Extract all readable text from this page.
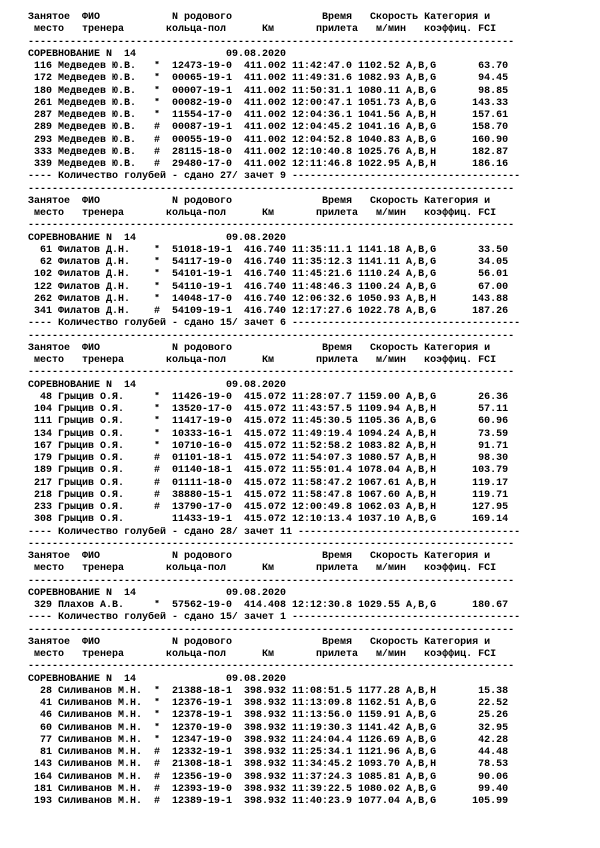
Занятое  ФИО            N родового               Время   Скорость Категория и
место   тренера       кольца-пол      Км       прилета   м/мин   коэффиц. FCI
---------------------------------------------------------------------------------
СОРЕВНОВАНИЕ N  14               09.08.2020
116 Медведев Ю.В.   *  12473-19-0  411.002 11:42:47.0 1102.52 A,B,G       63.70
172 Медведев Ю.В.   *  00065-19-1  411.002 11:49:31.6 1082.93 A,B,G       94.45
180 Медведев Ю.В.   *  00007-19-1  411.002 11:50:31.1 1080.11 A,B,G       98.85
261 Медведев Ю.В.   *  00082-19-0  411.002 12:00:47.1 1051.73 A,B,G      143.33
287 Медведев Ю.В.   *  11554-17-0  411.002 12:04:36.1 1041.56 A,B,H      157.61
289 Медведев Ю.В.   #  00087-19-1  411.002 12:04:45.2 1041.16 A,B,G      158.70
293 Медведев Ю.В.   #  00055-19-0  411.002 12:04:52.8 1040.83 A,B,G      160.90
333 Медведев Ю.В.   #  28115-18-0  411.002 12:10:40.8 1025.76 A,B,H      182.87
339 Медведев Ю.В.   #  29480-17-0  411.002 12:11:46.8 1022.95 A,B,H      186.16
---- Количество голубей - сдано 27/ зачет 9 --------------------------------------
---------------------------------------------------------------------------------
Занятое  ФИО            N родового               Время   Скорость Категория и
место   тренера       кольца-пол      Км       прилета   м/мин   коэффиц. FCI
---------------------------------------------------------------------------------
СОРЕВНОВАНИЕ N  14               09.08.2020
61 Филатов Д.Н.    *  51018-19-1  416.740 11:35:11.1 1141.18 A,B,G       33.50
62 Филатов Д.Н.    *  54117-19-0  416.740 11:35:12.3 1141.11 A,B,G       34.05
102 Филатов Д.Н.    *  54101-19-1  416.740 11:45:21.6 1110.24 A,B,G       56.01
122 Филатов Д.Н.    *  54110-19-1  416.740 11:48:46.3 1100.24 A,B,G       67.00
262 Филатов Д.Н.    *  14048-17-0  416.740 12:06:32.6 1050.93 A,B,H      143.88
341 Филатов Д.Н.    #  54109-19-1  416.740 12:17:27.6 1022.78 A,B,G      187.26
---- Количество голубей - сдано 15/ зачет 6 --------------------------------------
---------------------------------------------------------------------------------
Занятое  ФИО            N родового               Время   Скорость Категория и
место   тренера       кольца-пол      Км       прилета   м/мин   коэффиц. FCI
---------------------------------------------------------------------------------
СОРЕВНОВАНИЕ N  14               09.08.2020
48 Грыцив О.Я.     *  11426-19-0  415.072 11:28:07.7 1159.00 A,B,G       26.36
104 Грыцив О.Я.     *  13520-17-0  415.072 11:43:57.5 1109.94 A,B,H       57.11
111 Грыцив О.Я.     *  11417-19-0  415.072 11:45:30.5 1105.36 A,B,G       60.96
134 Грыцив О.Я.     *  10333-16-1  415.072 11:49:19.4 1094.24 A,B,H       73.59
167 Грыцив О.Я.     *  10710-16-0  415.072 11:52:58.2 1083.82 A,B,H       91.71
179 Грыцив О.Я.     #  01101-18-1  415.072 11:54:07.3 1080.57 A,B,H       98.30
189 Грыцив О.Я.     #  01140-18-1  415.072 11:55:01.4 1078.04 A,B,H      103.79
217 Грыцив О.Я.     #  01111-18-0  415.072 11:58:47.2 1067.61 A,B,H      119.17
218 Грыцив О.Я.     #  38880-15-1  415.072 11:58:47.8 1067.60 A,B,H      119.71
233 Грыцив О.Я.     #  13790-17-0  415.072 12:00:49.8 1062.03 A,B,H      127.95
308 Грыцив О.Я.        11433-19-1  415.072 12:10:13.4 1037.10 A,B,G      169.14
---- Количество голубей - сдано 28/ зачет 11 -------------------------------------
---------------------------------------------------------------------------------
Занятое  ФИО            N родового               Время   Скорость Категория и
место   тренера       кольца-пол      Км       прилета   м/мин   коэффиц. FCI
---------------------------------------------------------------------------------
СОРЕВНОВАНИЕ N  14               09.08.2020
329 Плахов А.В.     *  57562-19-0  414.408 12:12:30.8 1029.55 A,B,G      180.67
---- Количество голубей - сдано 15/ зачет 1 --------------------------------------
---------------------------------------------------------------------------------
Занятое  ФИО            N родового               Время   Скорость Категория и
место   тренера       кольца-пол      Км       прилета   м/мин   коэффиц. FCI
---------------------------------------------------------------------------------
СОРЕВНОВАНИЕ N  14               09.08.2020
28 Силиванов М.Н.  *  21388-18-1  398.932 11:08:51.5 1177.28 A,B,H       15.38
41 Силиванов М.Н.  *  12376-19-1  398.932 11:13:09.8 1162.51 A,B,G       22.52
46 Силиванов М.Н.  *  12378-19-1  398.932 11:13:56.0 1159.91 A,B,G       25.26
60 Силиванов М.Н.  *  12370-19-0  398.932 11:19:30.3 1141.42 A,B,G       32.95
77 Силиванов М.Н.  *  12347-19-0  398.932 11:24:04.4 1126.69 A,B,G       42.28
81 Силиванов М.Н.  #  12332-19-1  398.932 11:25:34.1 1121.96 A,B,G       44.48
143 Силиванов М.Н.  #  21308-18-1  398.932 11:34:45.2 1093.70 A,B,H       78.53
164 Силиванов М.Н.  #  12356-19-0  398.932 11:37:24.3 1085.81 A,B,G       90.06
181 Силиванов М.Н.  #  12393-19-0  398.932 11:39:22.5 1080.02 A,B,G       99.40
193 Силиванов М.Н.  #  12389-19-1  398.932 11:40:23.9 1077.04 A,B,G      105.99
